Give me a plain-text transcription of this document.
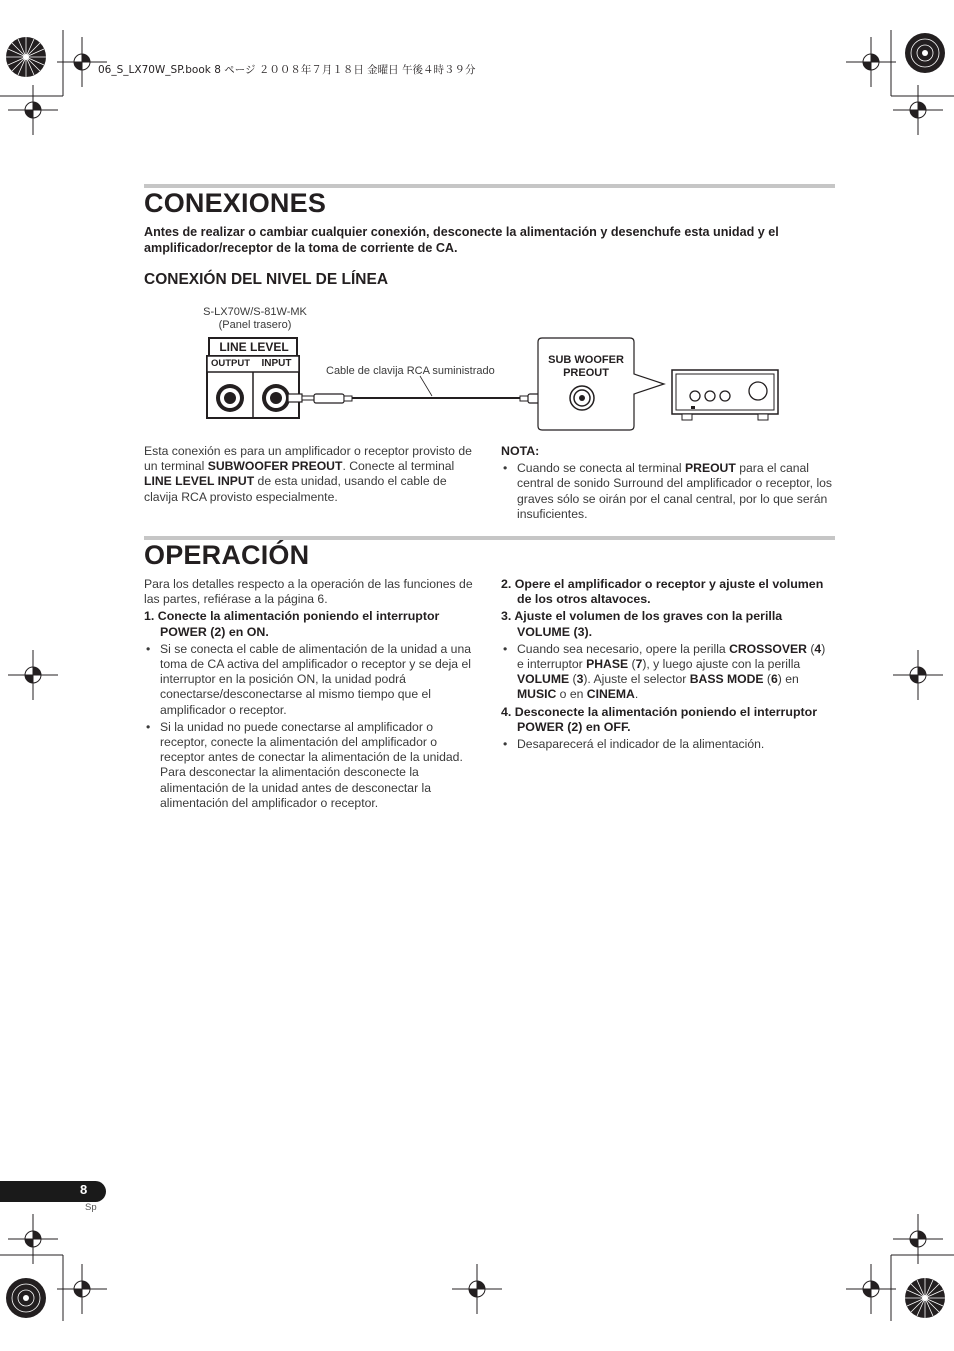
06_S_LX70W_SP.book 8 ページ ２００８年７月１８日 金曜日 午後４時３９分
CONEXIONES
Antes de realizar o cambiar cualquier conexión, desconecte la alimentación y desenchufe esta unidad y el amplificador/receptor de la toma de corriente de CA.
CONEXIÓN DEL NIVEL DE LÍNEA
S-LX70W/S-81W-MK
(Panel trasero)
LINE LEVEL
OUTPUT	INPUT
Cable de clavija RCA suministrado
SUB WOOFER
PREOUT

Esta conexión es para un amplificador o receptor provisto de un terminal SUBWOOFER PREOUT. Conecte al terminal LINE LEVEL INPUT de esta unidad, usando el cable de clavija RCA provisto especialmente.

NOTA:

• Cuando se conecta al terminal PREOUT para el canal central de sonido Surround del amplificador o receptor, los graves sólo se oirán por el canal central, por lo que serán insuficientes.

OPERACIÓN

Para los detalles respecto a la operación de las funciones de las partes, refiérase a la página 6.

1. Conecte la alimentación poniendo el interruptor POWER (2) en ON.

• Si se conecta el cable de alimentación de la unidad a una toma de CA activa del amplificador o receptor y se deja el interruptor en la posición ON, la unidad podrá conectarse/desconectarse al mismo tiempo que el amplificador o receptor.

• Si la unidad no puede conectarse al amplificador o receptor, conecte la alimentación del amplificador o receptor antes de conectar la alimentación de la unidad. Para desconectar la alimentación desconecte la alimentación de la unidad antes de desconectar la alimentación del amplificador o receptor.

2. Opere el amplificador o receptor y ajuste el volumen de los otros altavoces.

3. Ajuste el volumen de los graves con la perilla VOLUME (3).

• Cuando sea necesario, opere la perilla CROSSOVER (4) e interruptor PHASE (7), y luego ajuste con la perilla VOLUME (3). Ajuste el selector BASS MODE (6) en MUSIC o en CINEMA.

4. Desconecte la alimentación poniendo el interruptor POWER (2) en OFF.

• Desaparecerá el indicador de la alimentación.

8
Sp
